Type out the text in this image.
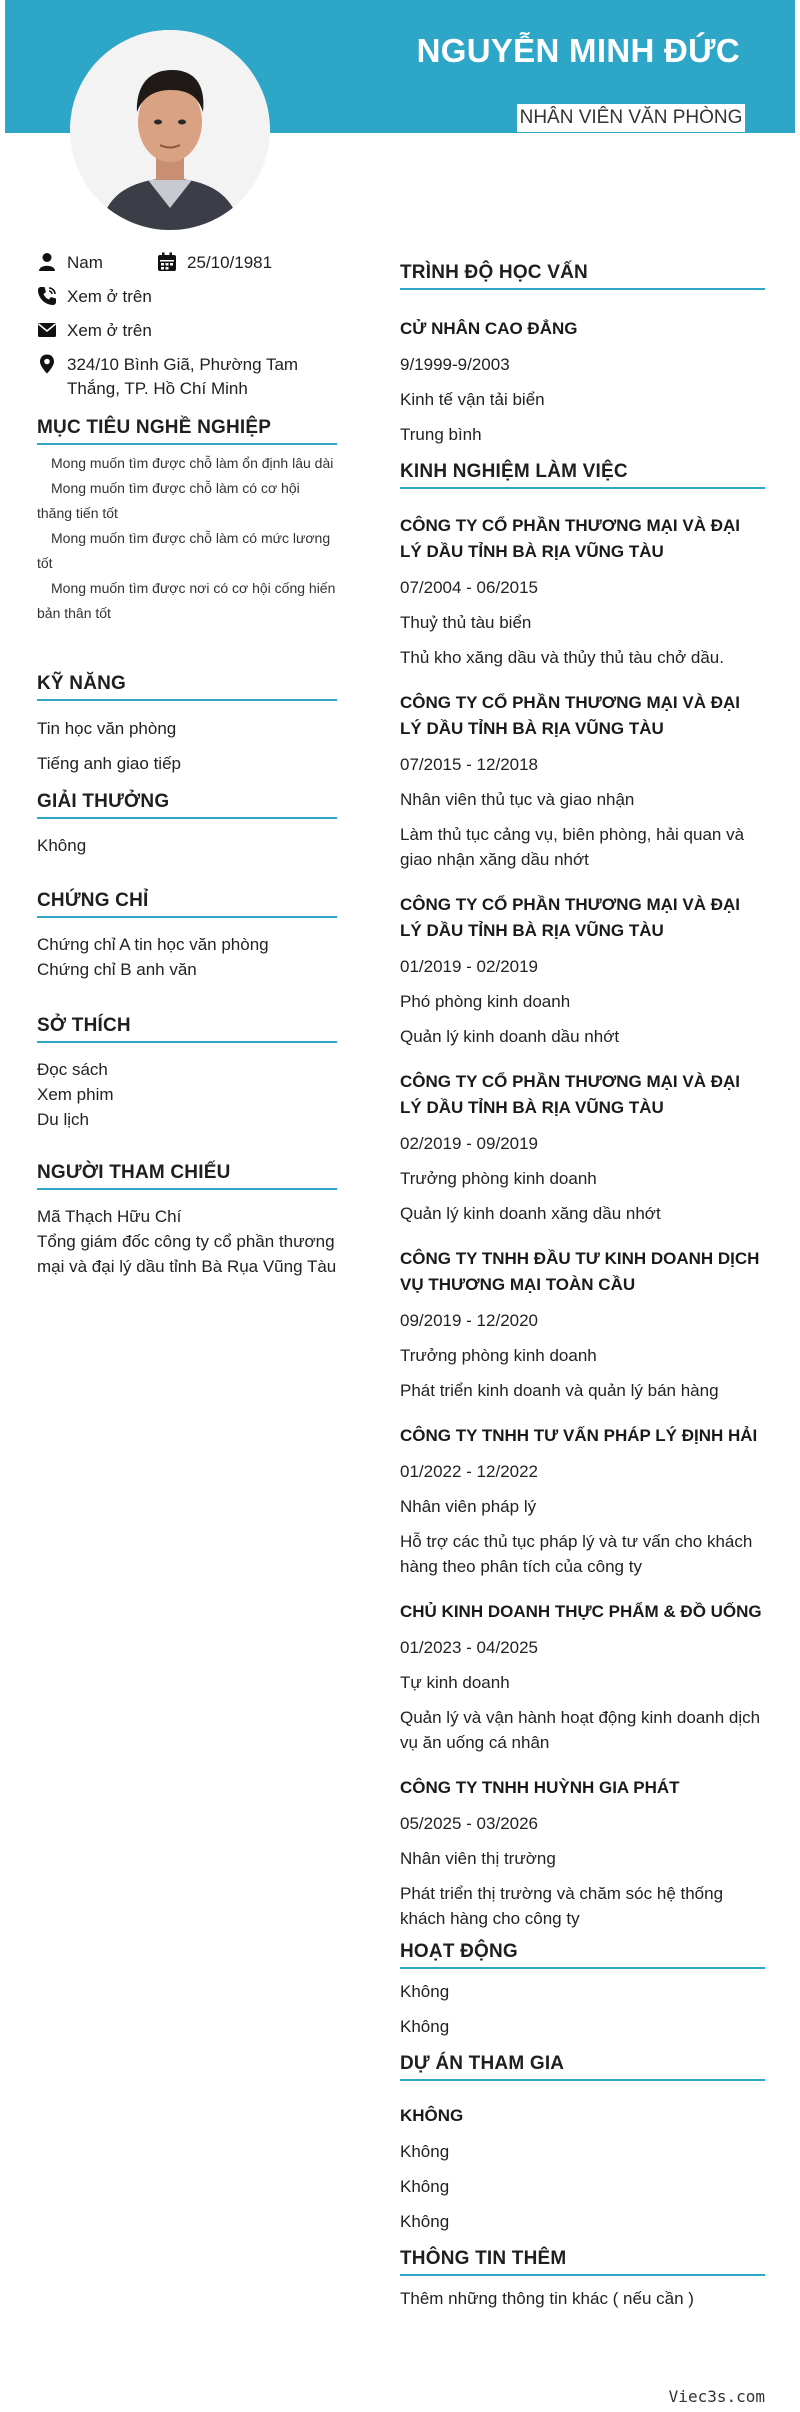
NGUYỄN MINH ĐỨC
NHÂN VIÊN VĂN PHÒNG
Nam	25/10/1981
Xem ở trên
Xem ở trên
324/10 Bình Giã, Phường Tam Thắng, TP. Hồ Chí Minh
MỤC TIÊU NGHỀ NGHIỆP
Mong muốn tìm được chỗ làm ổn định lâu dài
Mong muốn tìm được chỗ làm có cơ hội thăng tiến tốt
Mong muốn tìm được chỗ làm có mức lương tốt
Mong muốn tìm được nơi có cơ hội cống hiến bản thân tốt
KỸ NĂNG
Tin học văn phòng
Tiếng anh giao tiếp
GIẢI THƯỞNG
Không
CHỨNG CHỈ
Chứng chỉ A tin học văn phòng
Chứng chỉ B anh văn
SỞ THÍCH
Đọc sách
Xem phim
Du lịch
NGƯỜI THAM CHIẾU
Mã Thạch Hữu Chí
Tổng giám đốc công ty cổ phần thương mại và đại lý dầu tỉnh Bà Rụa Vũng Tàu
TRÌNH ĐỘ HỌC VẤN
CỬ NHÂN CAO ĐẲNG
9/1999-9/2003
Kinh tế vận tải biển
Trung bình
KINH NGHIỆM LÀM VIỆC
CÔNG TY CỔ PHẦN THƯƠNG MẠI VÀ ĐẠI LÝ DẦU TỈNH BÀ RỊA VŨNG TÀU
07/2004 - 06/2015
Thuỷ thủ tàu biển
Thủ kho xăng dầu và thủy thủ tàu chở dầu.
CÔNG TY CỔ PHẦN THƯƠNG MẠI VÀ ĐẠI LÝ DẦU TỈNH BÀ RỊA VŨNG TÀU
07/2015 - 12/2018
Nhân viên thủ tục và giao nhận
Làm thủ tục cảng vụ, biên phòng, hải quan và giao nhận xăng dầu nhớt
CÔNG TY CỔ PHẦN THƯƠNG MẠI VÀ ĐẠI LÝ DẦU TỈNH BÀ RỊA VŨNG TÀU
01/2019 - 02/2019
Phó phòng kinh doanh
Quản lý kinh doanh dầu nhớt
CÔNG TY CỔ PHẦN THƯƠNG MẠI VÀ ĐẠI LÝ DẦU TỈNH BÀ RỊA VŨNG TÀU
02/2019 - 09/2019
Trưởng phòng kinh doanh
Quản lý kinh doanh xăng dầu nhớt
CÔNG TY TNHH ĐẦU TƯ KINH DOANH DỊCH VỤ THƯƠNG MẠI TOÀN CẦU
09/2019 - 12/2020
Trưởng phòng kinh doanh
Phát triển kinh doanh và quản lý bán hàng
CÔNG TY TNHH TƯ VẤN PHÁP LÝ ĐỊNH HẢI
01/2022 - 12/2022
Nhân viên pháp lý
Hỗ trợ các thủ tục pháp lý và tư vấn cho khách hàng theo phân tích của công ty
CHỦ KINH DOANH THỰC PHẨM & ĐỒ UỐNG
01/2023 - 04/2025
Tự kinh doanh
Quản lý và vận hành hoạt động kinh doanh dịch vụ ăn uống cá nhân
CÔNG TY TNHH HUỲNH GIA PHÁT
05/2025 - 03/2026
Nhân viên thị trường
Phát triển thị trường và chăm sóc hệ thống khách hàng cho công ty
HOẠT ĐỘNG
Không
Không
DỰ ÁN THAM GIA
KHÔNG
Không
Không
Không
THÔNG TIN THÊM
Thêm những thông tin khác ( nếu cần )
Viec3s.com
